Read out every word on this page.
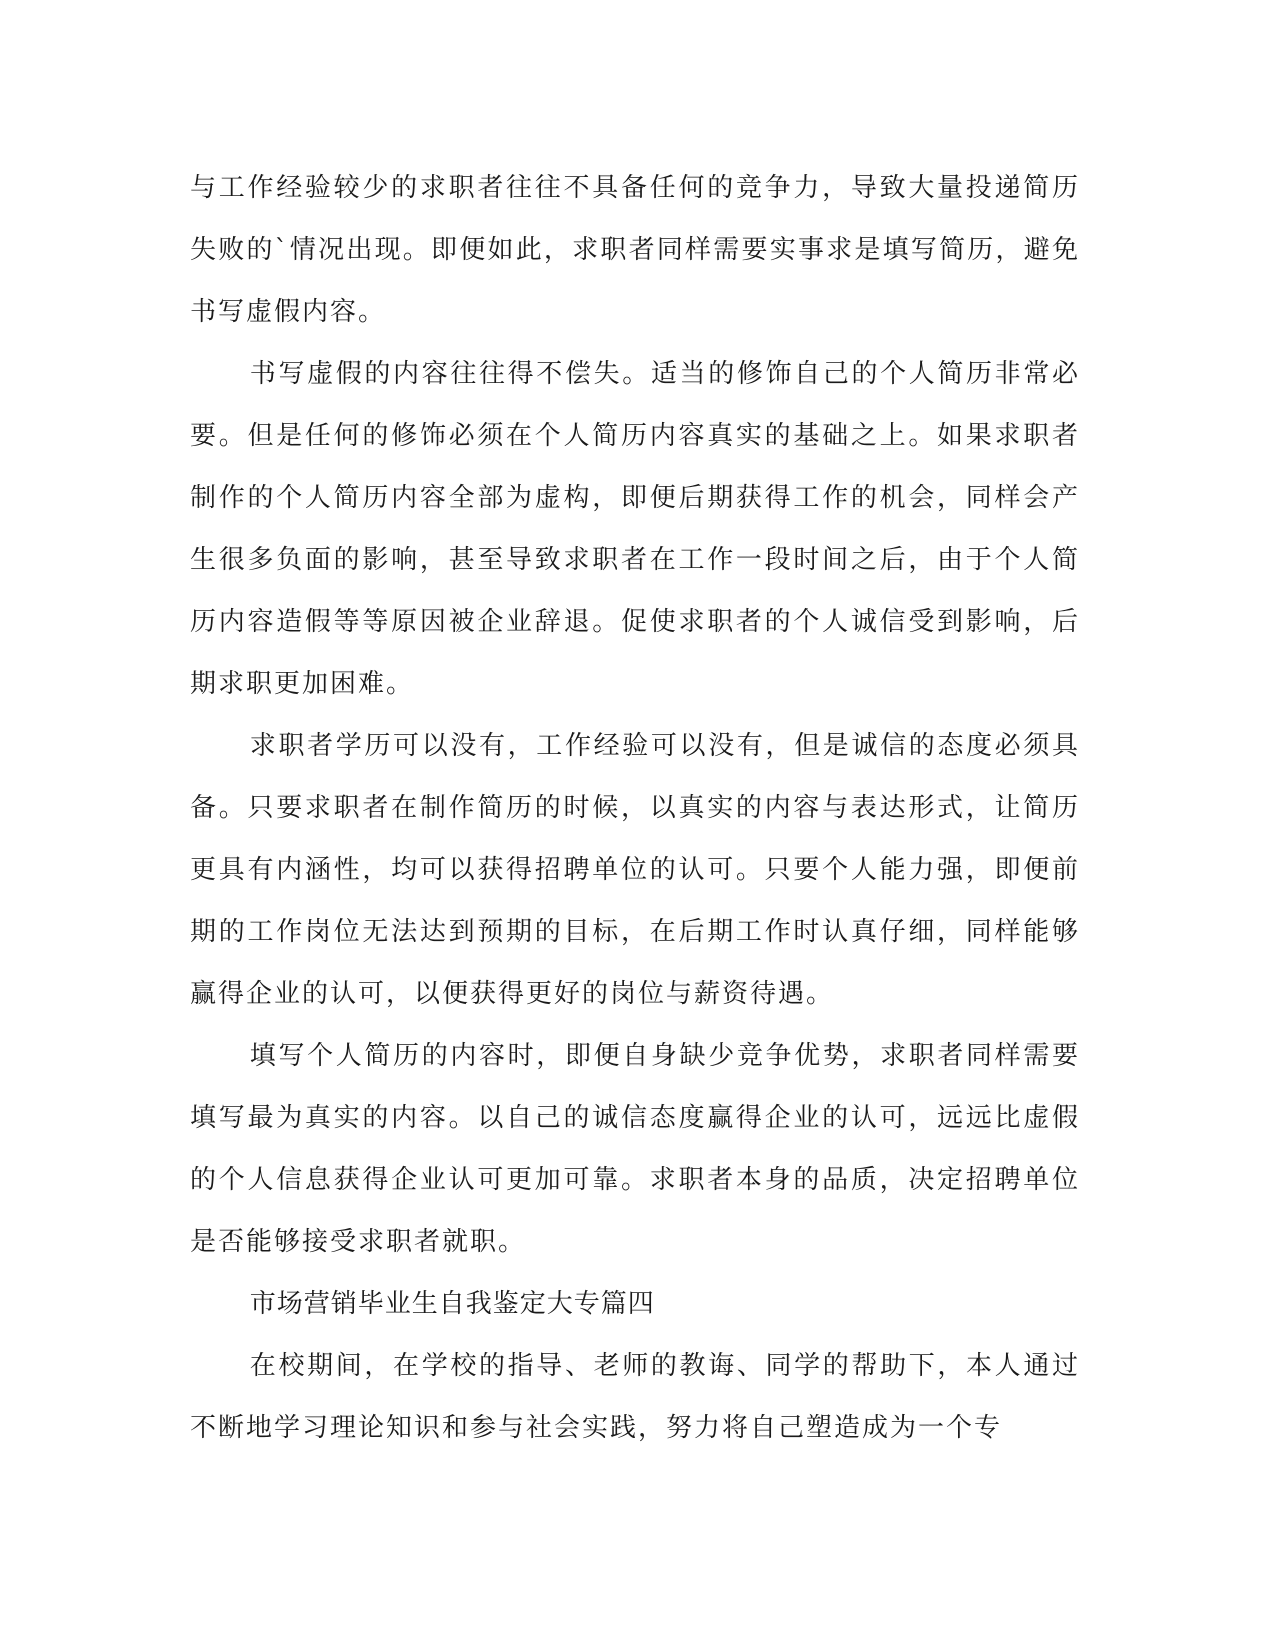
与工作经验较少的求职者往往不具备任何的竞争力，导致大量投递简历失败的`情况出现。即便如此，求职者同样需要实事求是填写简历，避免书写虚假内容。

书写虚假的内容往往得不偿失。适当的修饰自己的个人简历非常必要。但是任何的修饰必须在个人简历内容真实的基础之上。如果求职者制作的个人简历内容全部为虚构，即便后期获得工作的机会，同样会产生很多负面的影响，甚至导致求职者在工作一段时间之后，由于个人简历内容造假等等原因被企业辞退。促使求职者的个人诚信受到影响，后期求职更加困难。

求职者学历可以没有，工作经验可以没有，但是诚信的态度必须具备。只要求职者在制作简历的时候，以真实的内容与表达形式，让简历更具有内涵性，均可以获得招聘单位的认可。只要个人能力强，即便前期的工作岗位无法达到预期的目标，在后期工作时认真仔细，同样能够赢得企业的认可，以便获得更好的岗位与薪资待遇。

填写个人简历的内容时，即便自身缺少竞争优势，求职者同样需要填写最为真实的内容。以自己的诚信态度赢得企业的认可，远远比虚假的个人信息获得企业认可更加可靠。求职者本身的品质，决定招聘单位是否能够接受求职者就职。

市场营销毕业生自我鉴定大专篇四

在校期间，在学校的指导、老师的教诲、同学的帮助下，本人通过不断地学习理论知识和参与社会实践，努力将自己塑造成为一个专
